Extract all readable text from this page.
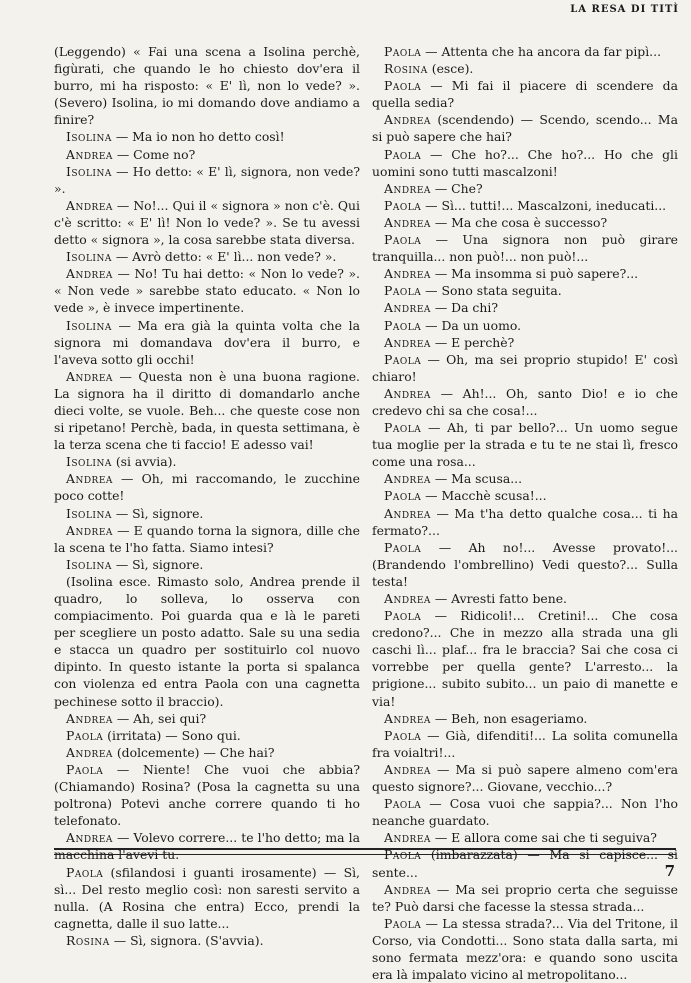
LA RESA DI TITÌ

(Leggendo) « Fai una scena a Isolina perchè, figùrati, che quando le ho chiesto dov'era il burro, mi ha risposto: « E' lì, non lo vede? ». (Severo) Isolina, io mi domando dove andiamo a finire?

Isolina — Ma io non ho detto così!

Andrea — Come no?

Isolina — Ho detto: « E' lì, signora, non vede? ».

Andrea — No!... Qui il « signora » non c'è. Qui c'è scritto: « E' lì! Non lo vede? ». Se tu avessi detto « signora », la cosa sarebbe stata diversa.

Isolina — Avrò detto: « E' lì... non vede? ».

Andrea — No! Tu hai detto: « Non lo vede? ». « Non vede » sarebbe stato educato. « Non lo vede », è invece impertinente.

Isolina — Ma era già la quinta volta che la signora mi domandava dov'era il burro, e l'aveva sotto gli occhi!

Andrea — Questa non è una buona ragione. La signora ha il diritto di domandarlo anche dieci volte, se vuole. Beh... che queste cose non si ripetano! Perchè, bada, in questa settimana, è la terza scena che ti faccio! E adesso vai!

Isolina (si avvia).

Andrea — Oh, mi raccomando, le zucchine poco cotte!

Isolina — Sì, signore.

Andrea — E quando torna la signora, dille che la scena te l'ho fatta. Siamo intesi?

Isolina — Sì, signore.

(Isolina esce. Rimasto solo, Andrea prende il quadro, lo solleva, lo osserva con compiacimento. Poi guarda qua e là le pareti per scegliere un posto adatto. Sale su una sedia e stacca un quadro per sostituirlo col nuovo dipinto. In questo istante la porta si spalanca con violenza ed entra Paola con una cagnetta pechinese sotto il braccio).

Andrea — Ah, sei qui?

Paola (irritata) — Sono qui.

Andrea (dolcemente) — Che hai?

Paola — Niente! Che vuoi che abbia? (Chiamando) Rosina? (Posa la cagnetta su una poltrona) Potevi anche correre quando ti ho telefonato.

Andrea — Volevo correre... te l'ho detto; ma la macchina l'avevi tu.

Paola (sfilandosi i guanti irosamente) — Sì, sì... Del resto meglio così: non saresti servito a nulla. (A Rosina che entra) Ecco, prendi la cagnetta, dalle il suo latte...

Rosina — Sì, signora. (S'avvia).

Paola — Attenta che ha ancora da far pipì...

Rosina (esce).

Paola — Mi fai il piacere di scendere da quella sedia?

Andrea (scendendo) — Scendo, scendo... Ma si può sapere che hai?

Paola — Che ho?... Che ho?... Ho che gli uomini sono tutti mascalzoni!

Andrea — Che?

Paola — Sì... tutti!... Mascalzoni, ineducati...

Andrea — Ma che cosa è successo?

Paola — Una signora non può girare tranquilla... non può!... non può!...

Andrea — Ma insomma si può sapere?...

Paola — Sono stata seguita.

Andrea — Da chi?

Paola — Da un uomo.

Andrea — E perchè?

Paola — Oh, ma sei proprio stupido! E' così chiaro!

Andrea — Ah!... Oh, santo Dio! e io che credevo chi sa che cosa!...

Paola — Ah, ti par bello?... Un uomo segue tua moglie per la strada e tu te ne stai lì, fresco come una rosa...

Andrea — Ma scusa...

Paola — Macchè scusa!...

Andrea — Ma t'ha detto qualche cosa... ti ha fermato?...

Paola — Ah no!... Avesse provato!... (Brandendo l'ombrellino) Vedi questo?... Sulla testa!

Andrea — Avresti fatto bene.

Paola — Ridicoli!... Cretini!... Che cosa credono?... Che in mezzo alla strada una gli caschi lì... plaf... fra le braccia? Sai che cosa ci vorrebbe per quella gente? L'arresto... la prigione... subito subito... un paio di manette e via!

Andrea — Beh, non esageriamo.

Paola — Già, difenditi!... La solita comunella fra voialtri!...

Andrea — Ma si può sapere almeno com'era questo signore?... Giovane, vecchio...?

Paola — Cosa vuoi che sappia?... Non l'ho neanche guardato.

Andrea — E allora come sai che ti seguiva?

Paola (imbarazzata) — Ma si capisce... si sente...

Andrea — Ma sei proprio certa che seguisse te? Può darsi che facesse la stessa strada...

Paola — La stessa strada?... Via del Tritone, il Corso, via Condotti... Sono stata dalla sarta, mi sono fermata mezz'ora: e quando sono uscita era là impalato vicino al metropolitano...

7
